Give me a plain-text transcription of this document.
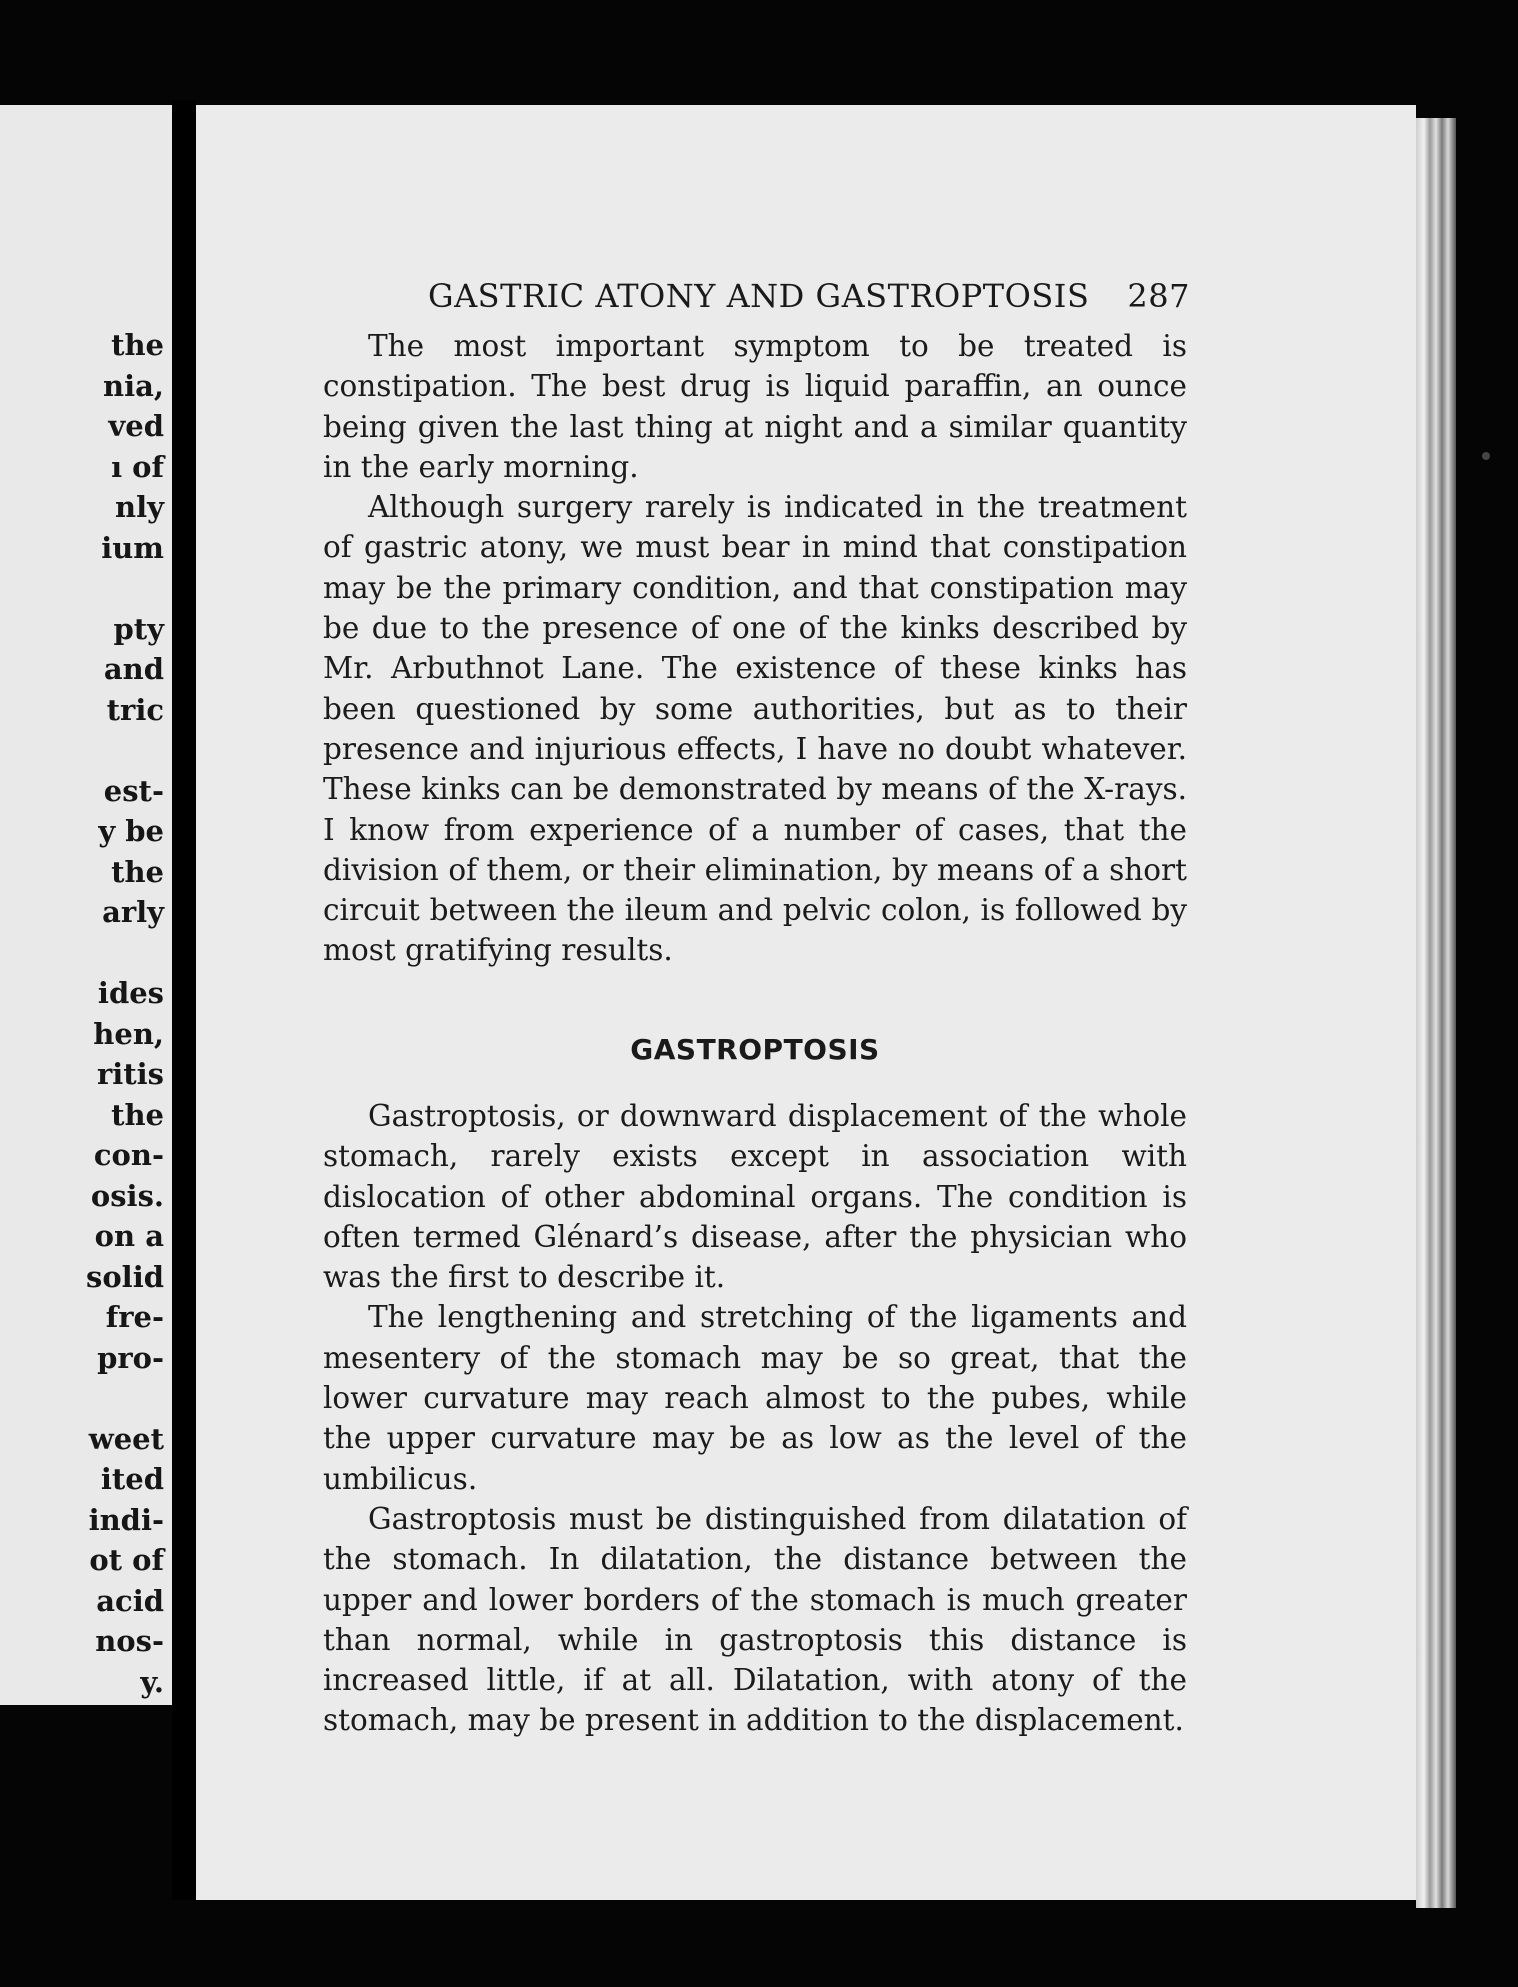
the
nia,
ved
ı of
nly
ium
pty
and
tric
est-
y be
the
arly
ides
hen,
ritis
the
con-
osis.
on a
solid
fre-
pro-
weet
ited
indi-
ot of
acid
nos-
y.
GASTRIC ATONY AND GASTROPTOSIS 287

The most important symptom to be treated is constipation. The best drug is liquid paraffin, an ounce being given the last thing at night and a similar quantity in the early morning.

Although surgery rarely is indicated in the treatment of gastric atony, we must bear in mind that constipation may be the primary condition, and that constipation may be due to the presence of one of the kinks described by Mr. Arbuthnot Lane. The existence of these kinks has been questioned by some authorities, but as to their presence and injurious effects, I have no doubt whatever. These kinks can be demonstrated by means of the X-rays. I know from experience of a number of cases, that the division of them, or their elimination, by means of a short circuit between the ileum and pelvic colon, is followed by most gratifying results.

GASTROPTOSIS

Gastroptosis, or downward displacement of the whole stomach, rarely exists except in association with dislocation of other abdominal organs. The condition is often termed Glénard’s disease, after the physician who was the first to describe it.

The lengthening and stretching of the ligaments and mesentery of the stomach may be so great, that the lower curvature may reach almost to the pubes, while the upper curvature may be as low as the level of the umbilicus.

Gastroptosis must be distinguished from dilatation of the stomach. In dilatation, the distance between the upper and lower borders of the stomach is much greater than normal, while in gastroptosis this distance is increased little, if at all. Dilatation, with atony of the stomach, may be present in addition to the displacement.
